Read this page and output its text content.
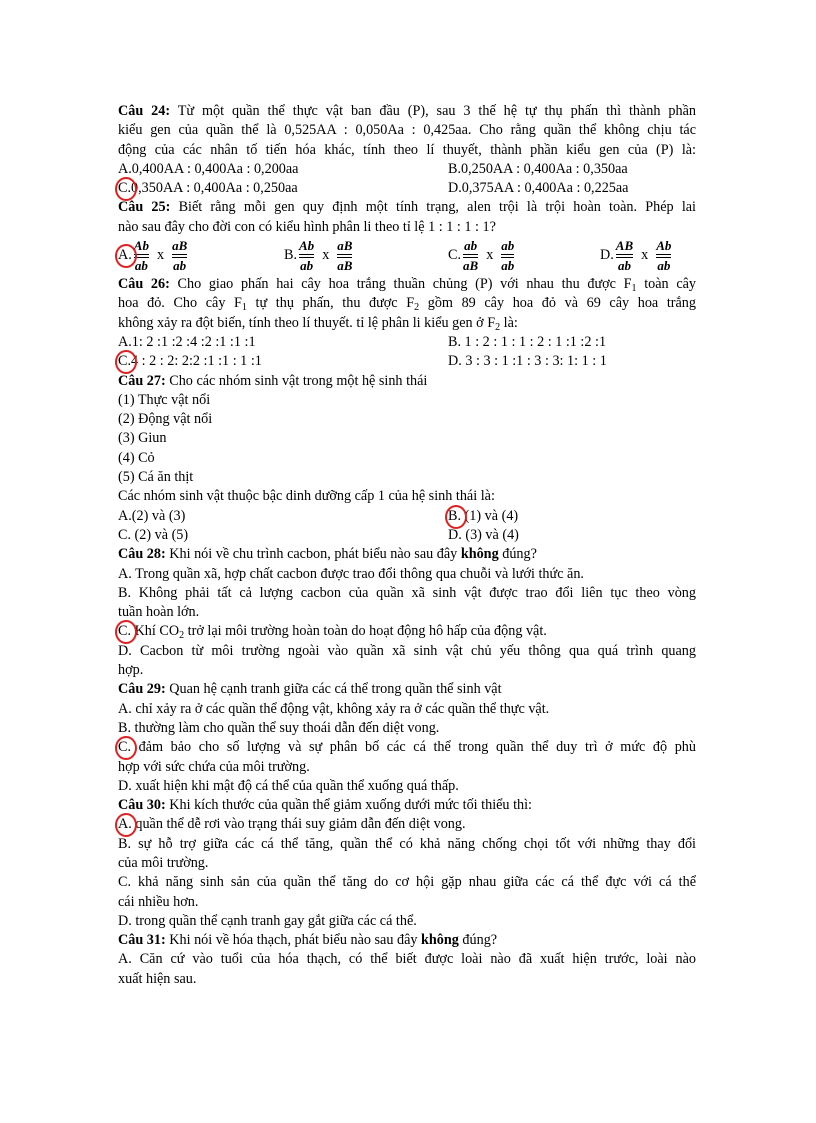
Câu 24: Từ một quần thể thực vật ban đầu (P), sau 3 thế hệ tự thụ phấn thì thành phần
kiểu gen của quần thể là 0,525AA : 0,050Aa : 0,425aa. Cho rằng quần thể không chịu tác
động của các nhân tố tiến hóa khác, tính theo lí thuyết, thành phần kiểu gen của (P) là:
A.0,400AA : 0,400Aa : 0,200aa	B.0,250AA : 0,400Aa : 0,350aa
C.0,350AA : 0,400Aa : 0,250aa	D.0,375AA : 0,400Aa : 0,225aa
Câu 25: Biết rằng mỗi gen quy định một tính trạng, alen trội là trội hoàn toàn. Phép lai
nào sau đây cho đời con có kiểu hình phân li theo tỉ lệ 1 : 1 : 1 : 1?
A. $\frac{Ab}{ab}$ x $\frac{aB}{ab}$	B. $\frac{Ab}{ab}$ x $\frac{aB}{aB}$	C. $\frac{ab}{aB}$ x $\frac{ab}{ab}$	D. $\frac{AB}{ab}$ x $\frac{Ab}{ab}$
Câu 26: Cho giao phấn hai cây hoa trắng thuần chủng (P) với nhau thu được $F_1$ toàn cây
hoa đỏ. Cho cây $F_1$ tự thụ phấn, thu được $F_2$ gồm 89 cây hoa đỏ và 69 cây hoa trắng
không xảy ra đột biến, tính theo lí thuyết. tỉ lệ phân li kiểu gen ở $F_2$ là:
A.1: 2 :1 :2 :4 :2 :1 :1 :1	B. 1 : 2 : 1 : 1 : 2 : 1 :1 :2 :1
C.4 : 2 : 2: 2:2 :1 :1 : 1 :1	D. 3 : 3 : 1 :1 : 3 : 3: 1: 1 : 1
Câu 27: Cho các nhóm sinh vật trong một hệ sinh thái
(1) Thực vật nổi
(2) Động vật nổi
(3) Giun
(4) Cỏ
(5) Cá ăn thịt
Các nhóm sinh vật thuộc bậc dinh dưỡng cấp 1 của hệ sinh thái là:
A.(2) và (3)	B. (1) và (4)
C. (2) và (5)	D. (3) và (4)
Câu 28: Khi nói về chu trình cacbon, phát biểu nào sau đây không đúng?
A. Trong quần xã, hợp chất cacbon được trao đổi thông qua chuỗi và lưới thức ăn.
B. Không phải tất cả lượng cacbon của quần xã sinh vật được trao đổi liên tục theo vòng
tuần hoàn lớn.
C. Khí $CO_2$ trở lại môi trường hoàn toàn do hoạt động hô hấp của động vật.
D. Cacbon từ môi trường ngoài vào quần xã sinh vật chủ yếu thông qua quá trình quang
hợp.
Câu 29: Quan hệ cạnh tranh giữa các cá thể trong quần thể sinh vật
A. chỉ xảy ra ở các quần thể động vật, không xảy ra ở các quần thể thực vật.
B. thường làm cho quần thể suy thoái dẫn đến diệt vong.
C. đảm bảo cho số lượng và sự phân bố các cá thể trong quần thể duy trì ở mức độ phù
hợp với sức chứa của môi trường.
D. xuất hiện khi mật độ cá thể của quần thể xuống quá thấp.
Câu 30: Khi kích thước của quần thể giảm xuống dưới mức tối thiểu thì:
A. quần thể dễ rơi vào trạng thái suy giảm dẫn đến diệt vong.
B. sự hỗ trợ giữa các cá thể tăng, quần thể có khả năng chống chọi tốt với những thay đổi
của môi trường.
C. khả năng sinh sản của quần thể tăng do cơ hội gặp nhau giữa các cá thể đực với cá thể
cái nhiều hơn.
D. trong quần thể cạnh tranh gay gắt giữa các cá thể.
Câu 31: Khi nói về hóa thạch, phát biểu nào sau đây không đúng?
A. Căn cứ vào tuổi của hóa thạch, có thể biết được loài nào đã xuất hiện trước, loài nào
xuất hiện sau.
